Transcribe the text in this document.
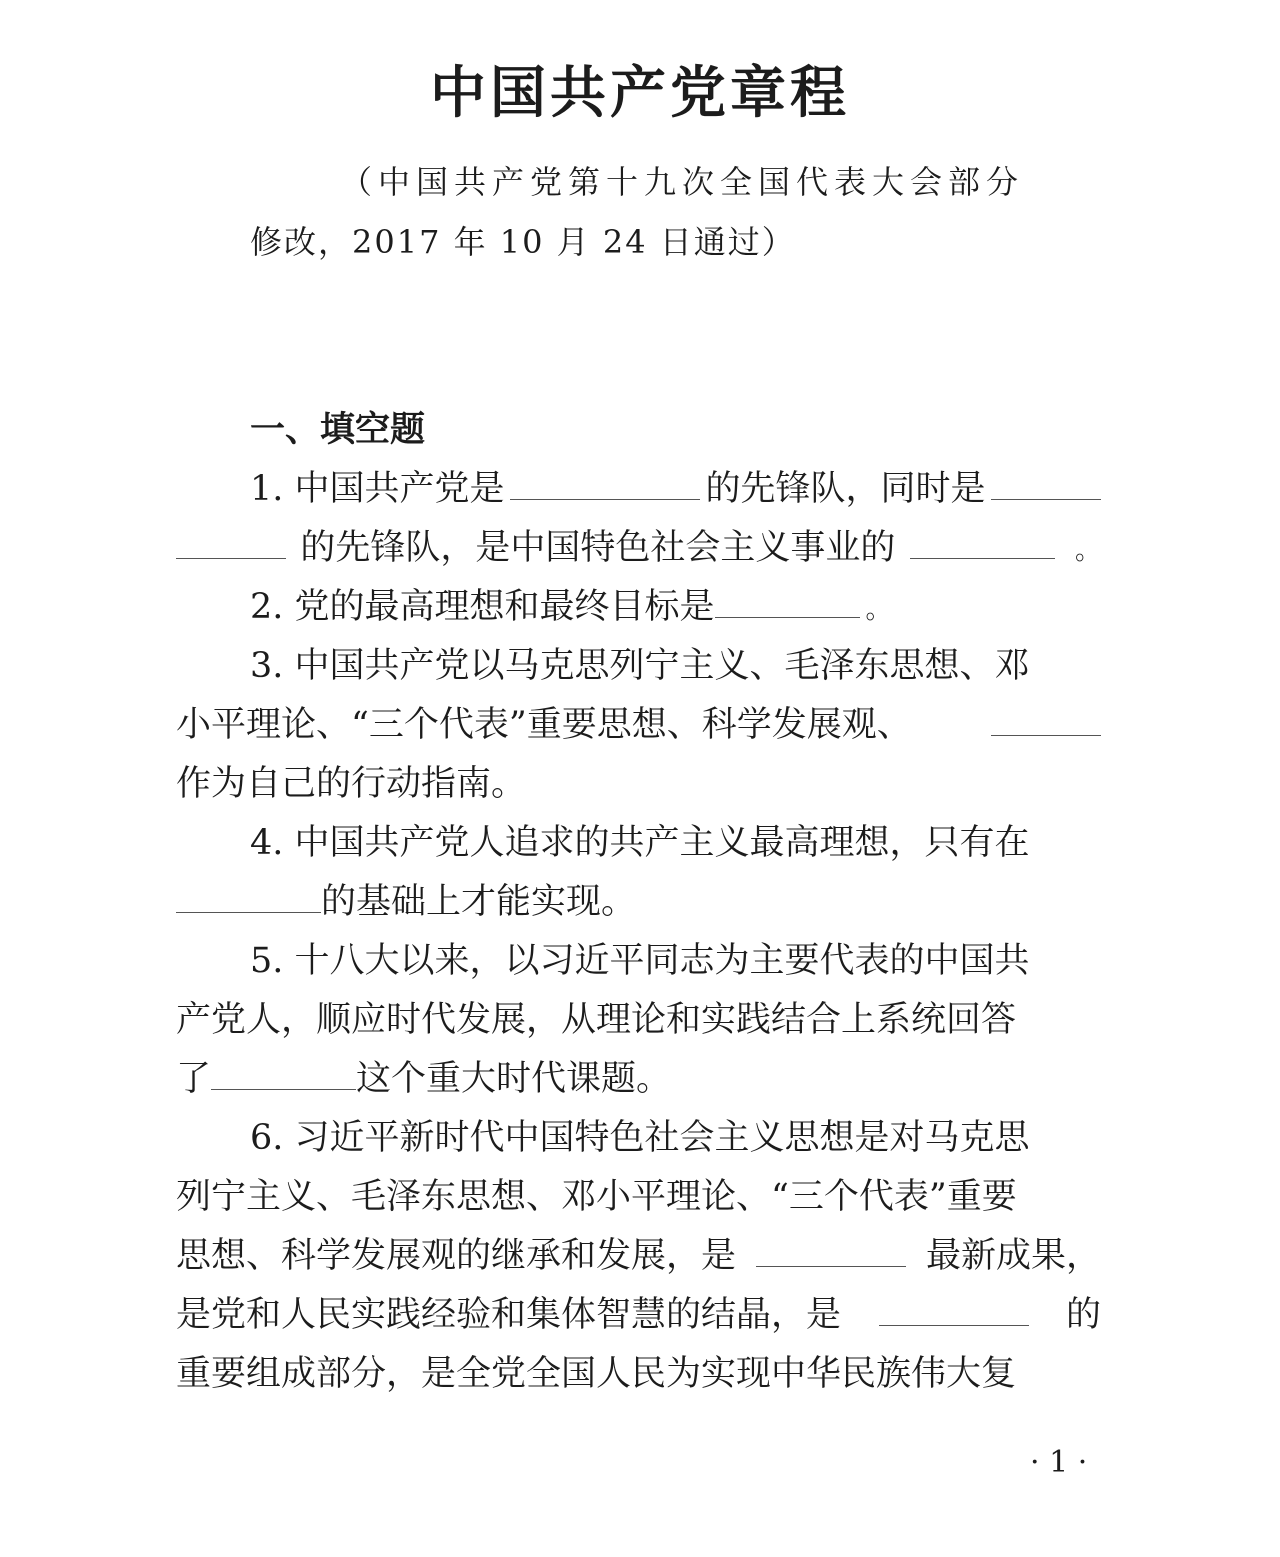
中国共产党章程
（中国共产党第十九次全国代表大会部分
修改，2017 年 10 月 24 日通过）
一、填空题
1. 中国共产党是	的先锋队，同时是
的先锋队，是中国特色社会主义事业的	。
2. 党的最高理想和最终目标是	。
3. 中国共产党以马克思列宁主义、毛泽东思想、邓
小平理论、“三个代表”重要思想、科学发展观、
作为自己的行动指南。
4. 中国共产党人追求的共产主义最高理想，只有在
的基础上才能实现。
5. 十八大以来，以习近平同志为主要代表的中国共
产党人，顺应时代发展，从理论和实践结合上系统回答
了	这个重大时代课题。
6. 习近平新时代中国特色社会主义思想是对马克思
列宁主义、毛泽东思想、邓小平理论、“三个代表”重要
思想、科学发展观的继承和发展，是	最新成果，
是党和人民实践经验和集体智慧的结晶，是	的
重要组成部分，是全党全国人民为实现中华民族伟大复
· 1 ·
